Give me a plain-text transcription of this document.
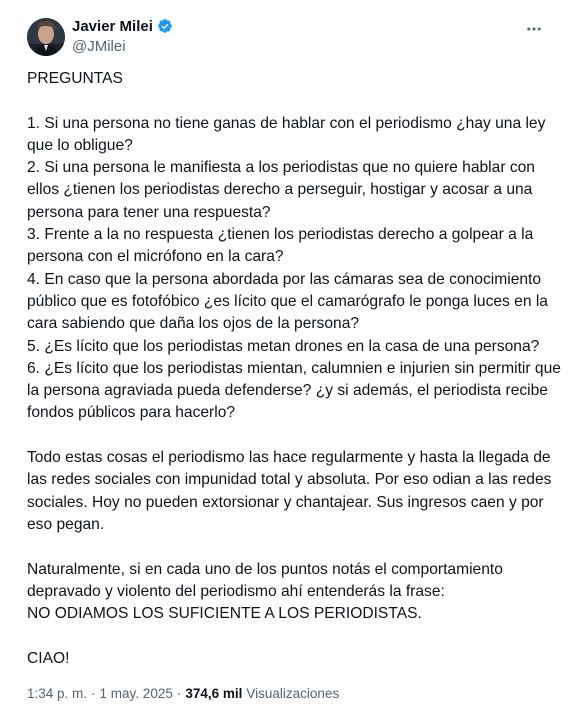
Javier Milei
@JMilei

PREGUNTAS

1. Si una persona no tiene ganas de hablar con el periodismo ¿hay una ley que lo obligue?
2. Si una persona le manifiesta a los periodistas que no quiere hablar con ellos ¿tienen los periodistas derecho a perseguir, hostigar y acosar a una persona para tener una respuesta?
3. Frente a la no respuesta ¿tienen los periodistas derecho a golpear a la persona con el micrófono en la cara?
4. En caso que la persona abordada por las cámaras sea de conocimiento público que es fotofóbico ¿es lícito que el camarógrafo le ponga luces en la cara sabiendo que daña los ojos de la persona?
5. ¿Es lícito que los periodistas metan drones en la casa de una persona?
6. ¿Es lícito que los periodistas mientan, calumnien e injurien sin permitir que la persona agraviada pueda defenderse? ¿y si además, el periodista recibe fondos públicos para hacerlo?

Todo estas cosas el periodismo las hace regularmente y hasta la llegada de las redes sociales con impunidad total y absoluta. Por eso odian a las redes sociales. Hoy no pueden extorsionar y chantajear. Sus ingresos caen y por eso pegan.

Naturalmente, si en cada uno de los puntos notás el comportamiento depravado y violento del periodismo ahí entenderás la frase:
NO ODIAMOS LOS SUFICIENTE A LOS PERIODISTAS.

CIAO!

1:34 p. m. · 1 may. 2025 · 374,6 mil Visualizaciones
